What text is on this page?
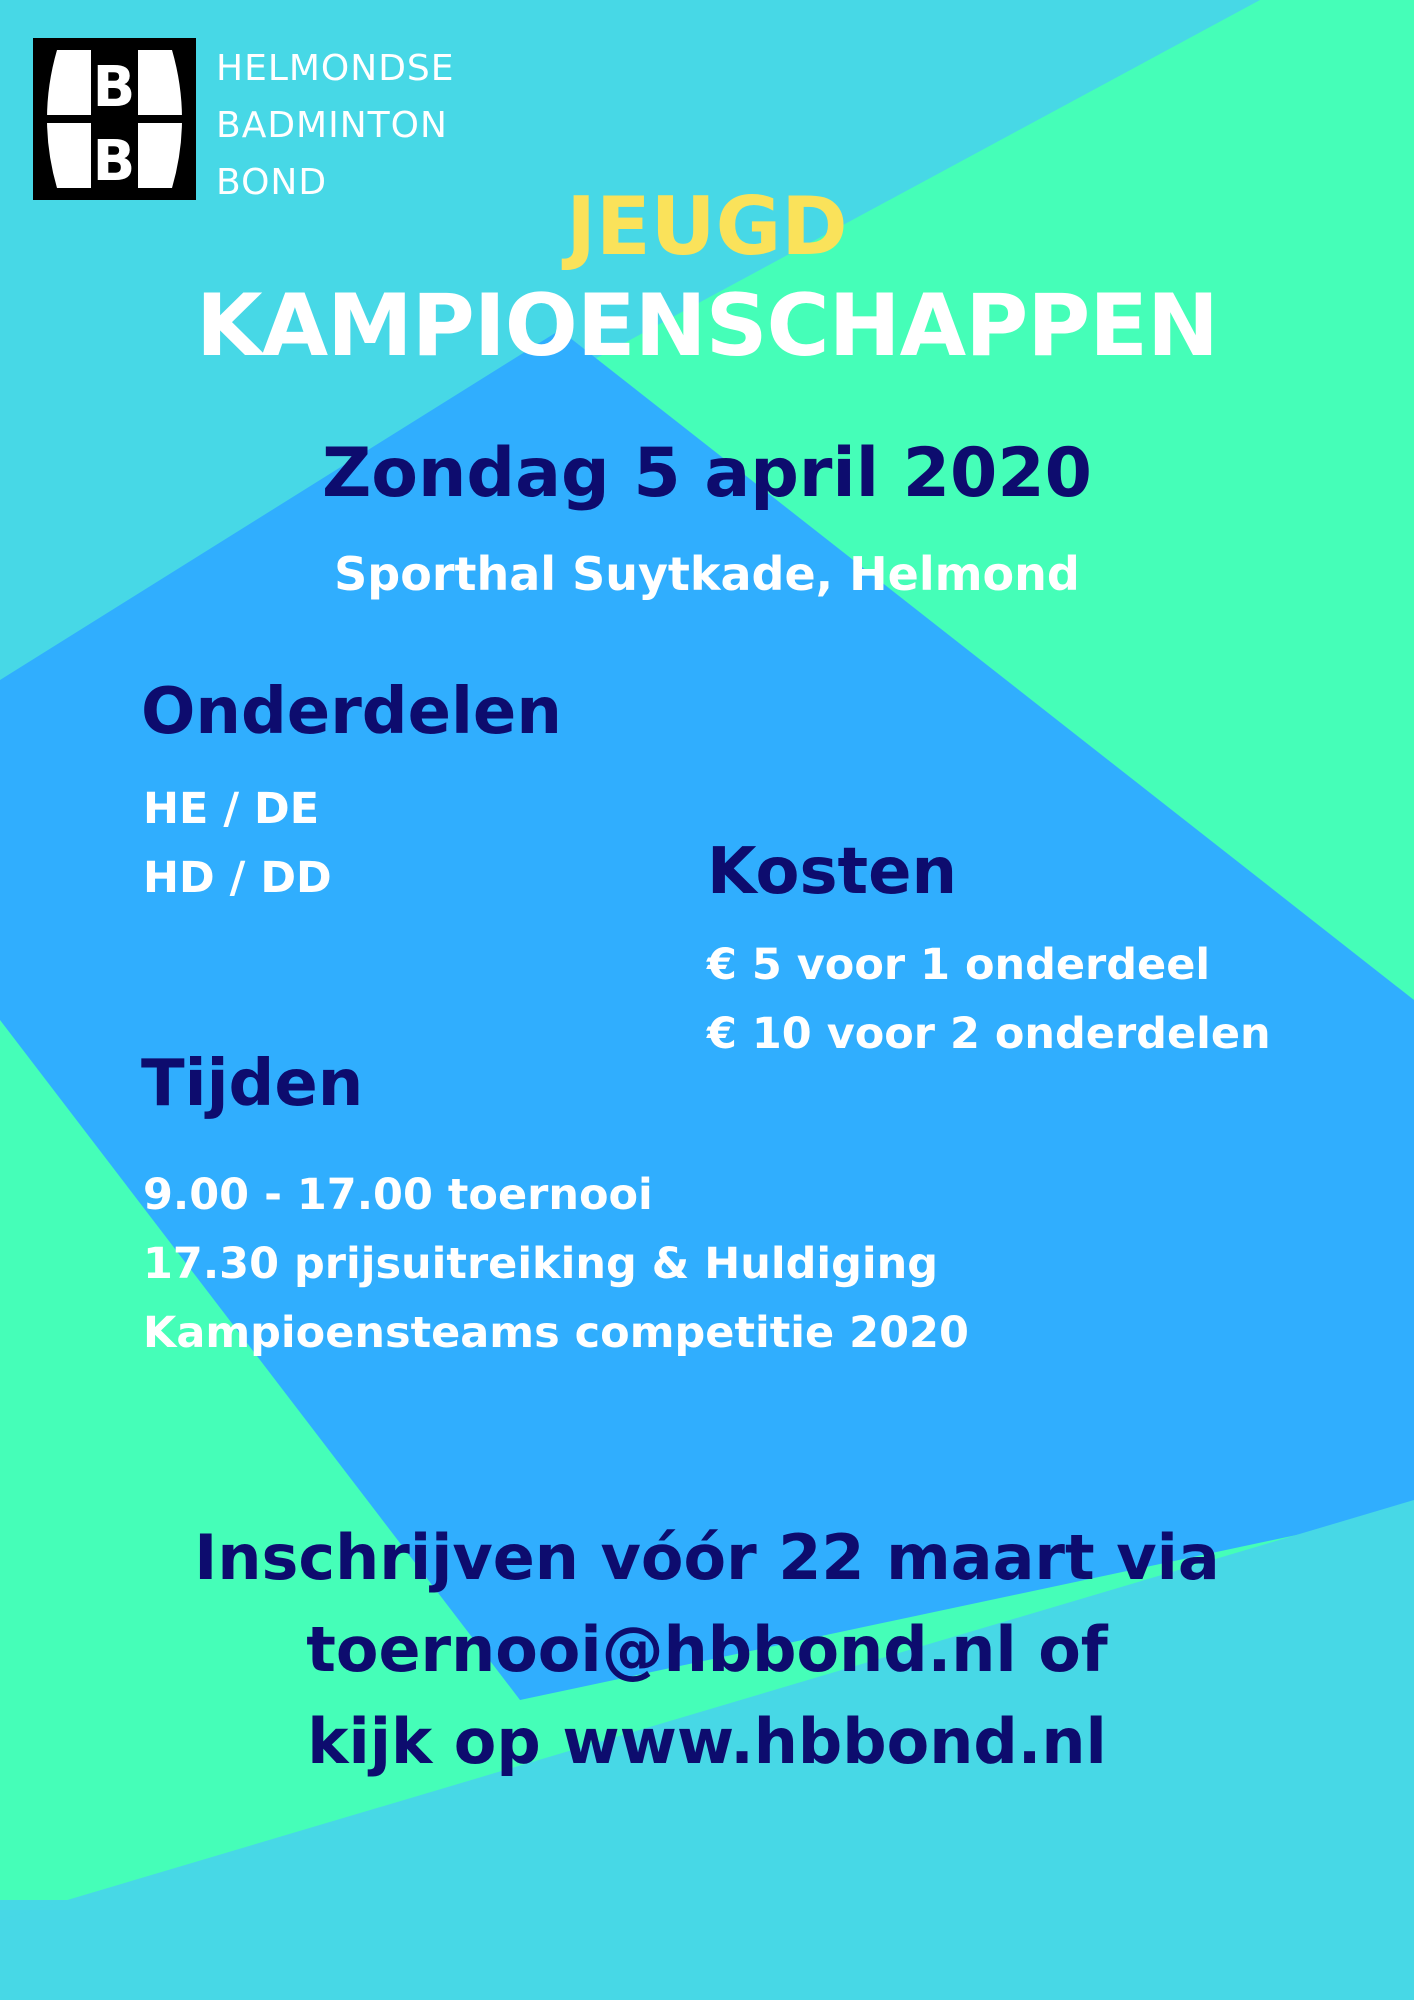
B
B
HELMONDSE
BADMINTON
BOND	JEUGD
KAMPIOENSCHAPPEN
Zondag 5 april 2020
Sporthal Suytkade, Helmond
Onderdelen
HE / DE
HD / DD	Kosten
€ 5 voor 1 onderdeel
€ 10 voor 2 onderdelen
Tijden
9.00 - 17.00 toernooi
17.30 prijsuitreiking & Huldiging
Kampioensteams competitie 2020
Inschrijven vóór 22 maart via
toernooi@hbbond.nl of
kijk op www.hbbond.nl
